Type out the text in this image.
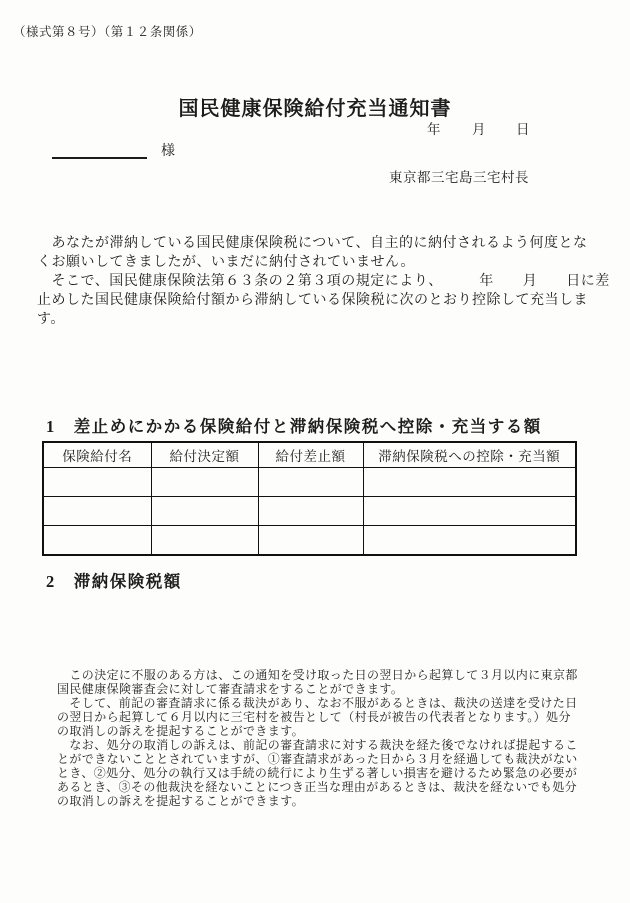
（様式第８号）（第１２条関係）
国民健康保険給付充当通知書
年 月 日
様
東京都三宅島三宅村長
　あなたが滞納している国民健康保険税について、自主的に納付されるよう何度とな
くお願いしてきましたが、いまだに納付されていません。
　そこで、国民健康保険法第６３条の２第３項の規定により、　　　年　　月　　日に差
止めした国民健康保険給付額から滞納している保険税に次のとおり控除して充当しま
す。
1　差止めにかかる保険給付と滞納保険税へ控除・充当する額
保険給付名	給付決定額	給付差止額	滞納保険税への控除・充当額

2　滞納保険税額
　この決定に不服のある方は、この通知を受け取った日の翌日から起算して３月以内に東京都
国民健康保険審査会に対して審査請求をすることができます。
　そして、前記の審査請求に係る裁決があり、なお不服があるときは、裁決の送達を受けた日
の翌日から起算して６月以内に三宅村を被告として（村長が被告の代表者となります。）処分
の取消しの訴えを提起することができます。
　なお、処分の取消しの訴えは、前記の審査請求に対する裁決を経た後でなければ提起するこ
とができないこととされていますが、①審査請求があった日から３月を経過しても裁決がない
とき、②処分、処分の執行又は手続の続行により生ずる著しい損害を避けるため緊急の必要が
あるとき、③その他裁決を経ないことにつき正当な理由があるときは、裁決を経ないでも処分
の取消しの訴えを提起することができます。
